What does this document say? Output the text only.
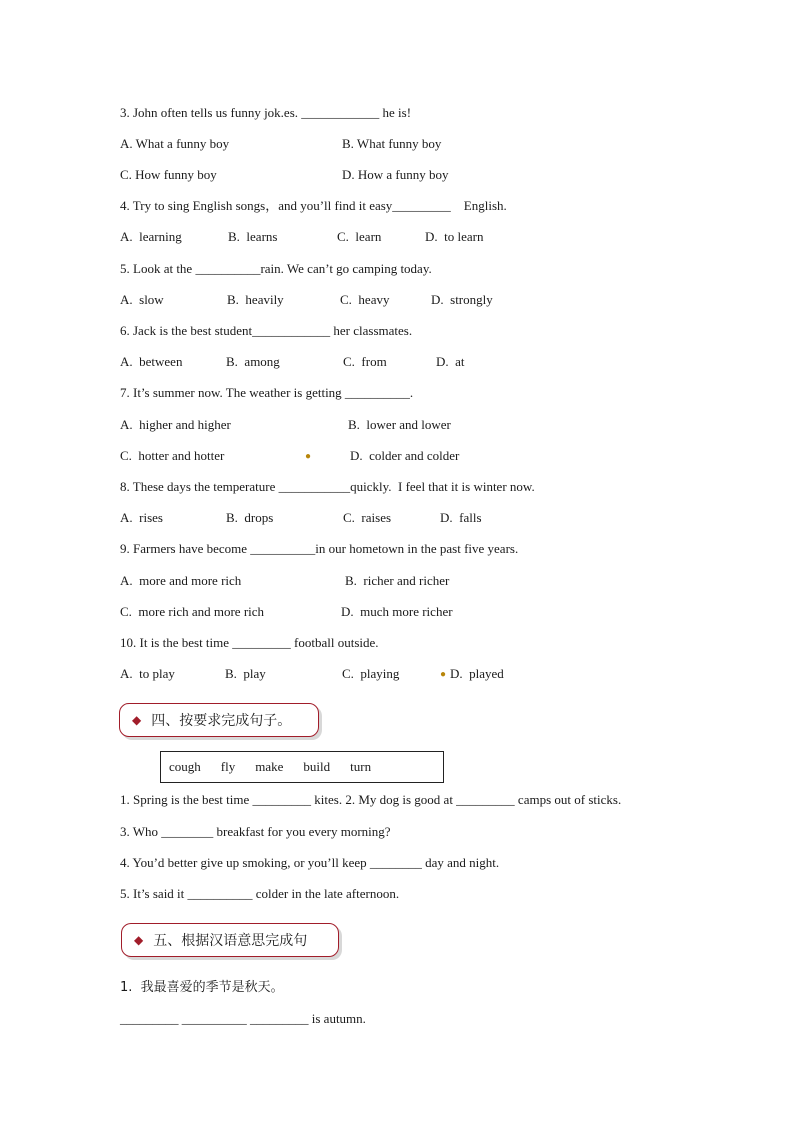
3. John often tells us funny jok.es. ____________ he is!
A. What a funny boy	B. What funny boy
C. How funny boy	D. How a funny boy
4. Try to sing English songs，and you’ll find it easy_________    English.
A.  learning	B.  learns	C.  learn	D.  to learn
5. Look at the __________rain. We can’t go camping today.
A.  slow	B.  heavily	C.  heavy	D.  strongly
6. Jack is the best student____________ her classmates.
A.  between	B.  among	C.  from	D.  at
7. It’s summer now. The weather is getting __________.
A.  higher and higher	B.  lower and lower
C.  hotter and hotter	●	D.  colder and colder
8. These days the temperature ___________quickly.  I feel that it is winter now.
A.  rises	B.  drops	C.  raises	D.  falls
9. Farmers have become __________in our hometown in the past five years.
A.  more and more rich	B.  richer and richer
C.  more rich and more rich	D.  much more richer
10. It is the best time _________ football outside.
A.  to play	B.  play	C.  playing	● D.  played
◆ 四、按要求完成句子。
cough fly make build turn
1. Spring is the best time _________ kites. 2. My dog is good at _________ camps out of sticks.
3. Who ________ breakfast for you every morning?
4. You’d better give up smoking, or you’ll keep ________ day and night.
5. It’s said it __________ colder in the late afternoon.
◆ 五、根据汉语意思完成句
1.  我最喜爱的季节是秋天。
_________ __________ _________ is autumn.
